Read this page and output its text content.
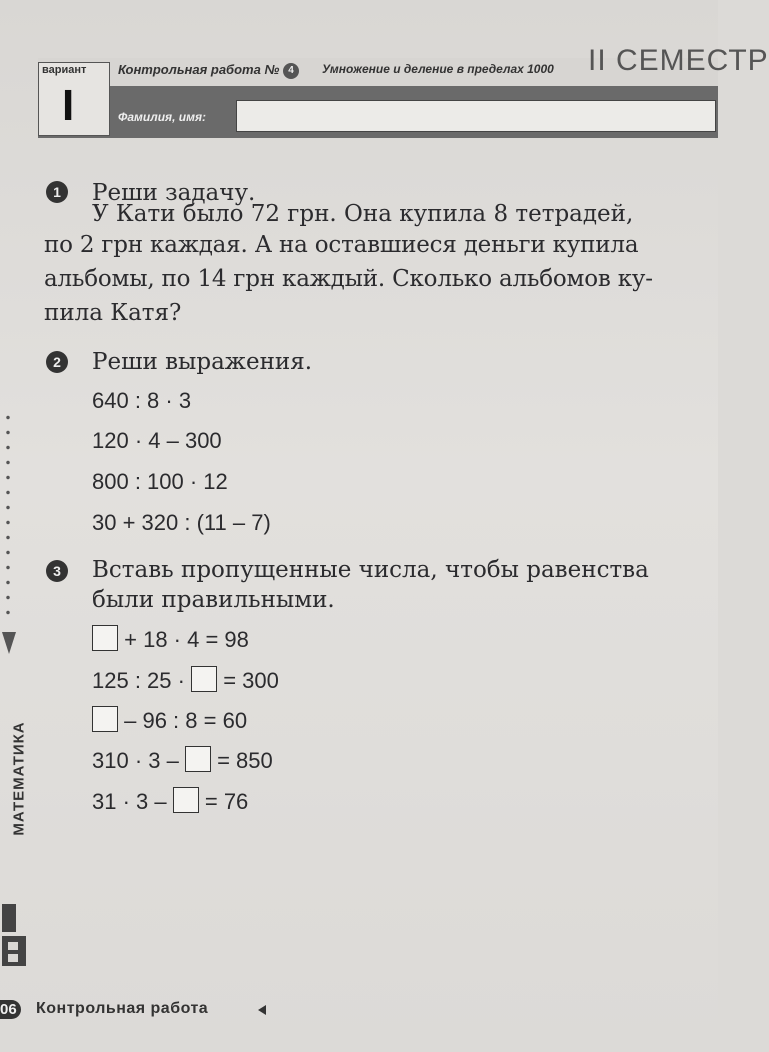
вариант
I
Контрольная работа № 4	Умножение и деление в пределах 1000 II СЕМЕСТР
Фамилия, имя:
1	Реши задачу.
У Кати было 72 грн. Она купила 8 тетрадей,
по 2 грн каждая. А на оставшиеся деньги купила
альбомы, по 14 грн каждый. Сколько альбомов ку-
пила Катя?
2	Реши выражения.
640 : 8 · 3
120 · 4 – 300
800 : 100 · 12
30 + 320 : (11 – 7)
3	Вставь пропущенные числа, чтобы равенства
были правильными.
+ 18 · 4 = 98
125 : 25 · = 300
– 96 : 8 = 60
310 · 3 – = 850
31 · 3 – = 76
МАТЕМАТИКА
06 Контрольная работа
